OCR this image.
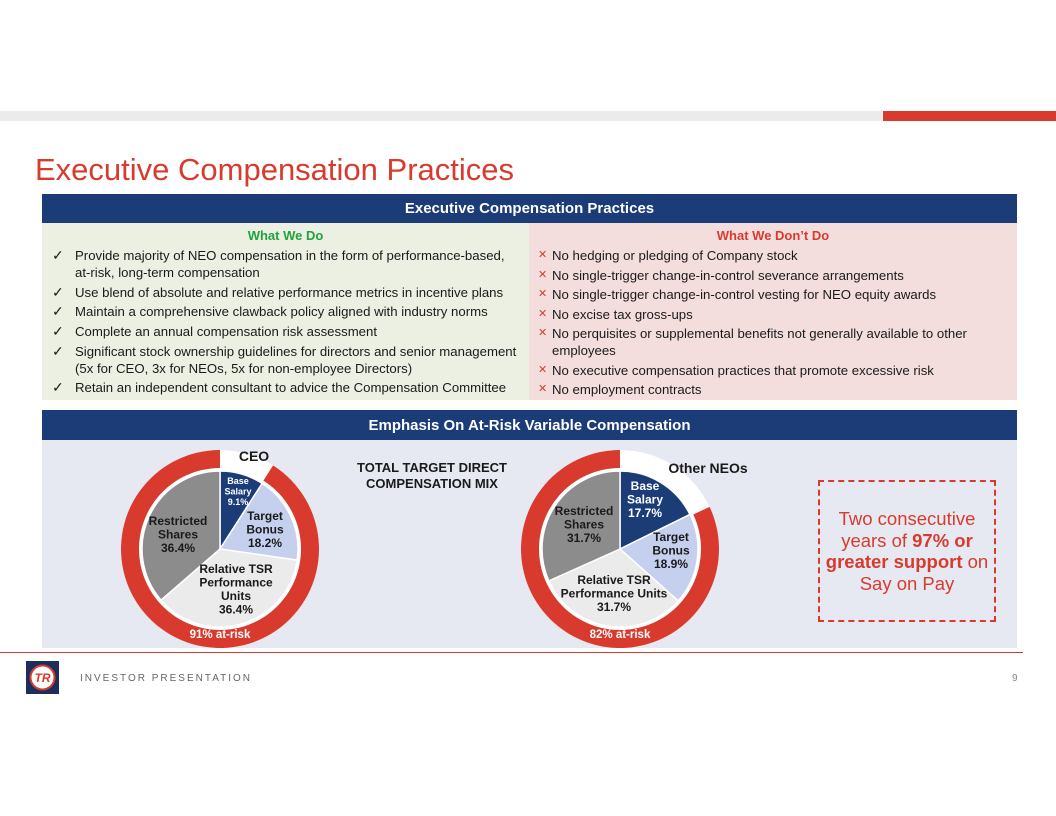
Executive Compensation Practices
Executive Compensation Practices
What We Do
✓ Provide majority of NEO compensation in the form of performance-based, at-risk, long-term compensation
✓ Use blend of absolute and relative performance metrics in incentive plans
✓ Maintain a comprehensive clawback policy aligned with industry norms
✓ Complete an annual compensation risk assessment
✓ Significant stock ownership guidelines for directors and senior management (5x for CEO, 3x for NEOs, 5x for non-employee Directors)
✓ Retain an independent consultant to advice the Compensation Committee
What We Don’t Do
✕ No hedging or pledging of Company stock
✕ No single-trigger change-in-control severance arrangements
✕ No single-trigger change-in-control vesting for NEO equity awards
✕ No excise tax gross-ups
✕ No perquisites or supplemental benefits not generally available to other employees
✕ No executive compensation practices that promote excessive risk
✕ No employment contracts
Emphasis On At-Risk Variable Compensation
Base Salary 9.1%
Target Bonus 18.2%
Relative TSR Performance Units 36.4%
Restricted Shares 36.4%
CEO
91% at-risk
Base Salary 17.7%
Target Bonus 18.9%
Relative TSR Performance Units 31.7%
Restricted Shares 31.7%
Other NEOs
82% at-risk
TOTAL TARGET DIRECT COMPENSATION MIX
Two consecutive years of 97% or greater support on Say on Pay
TR	INVESTOR PRESENTATION	9
